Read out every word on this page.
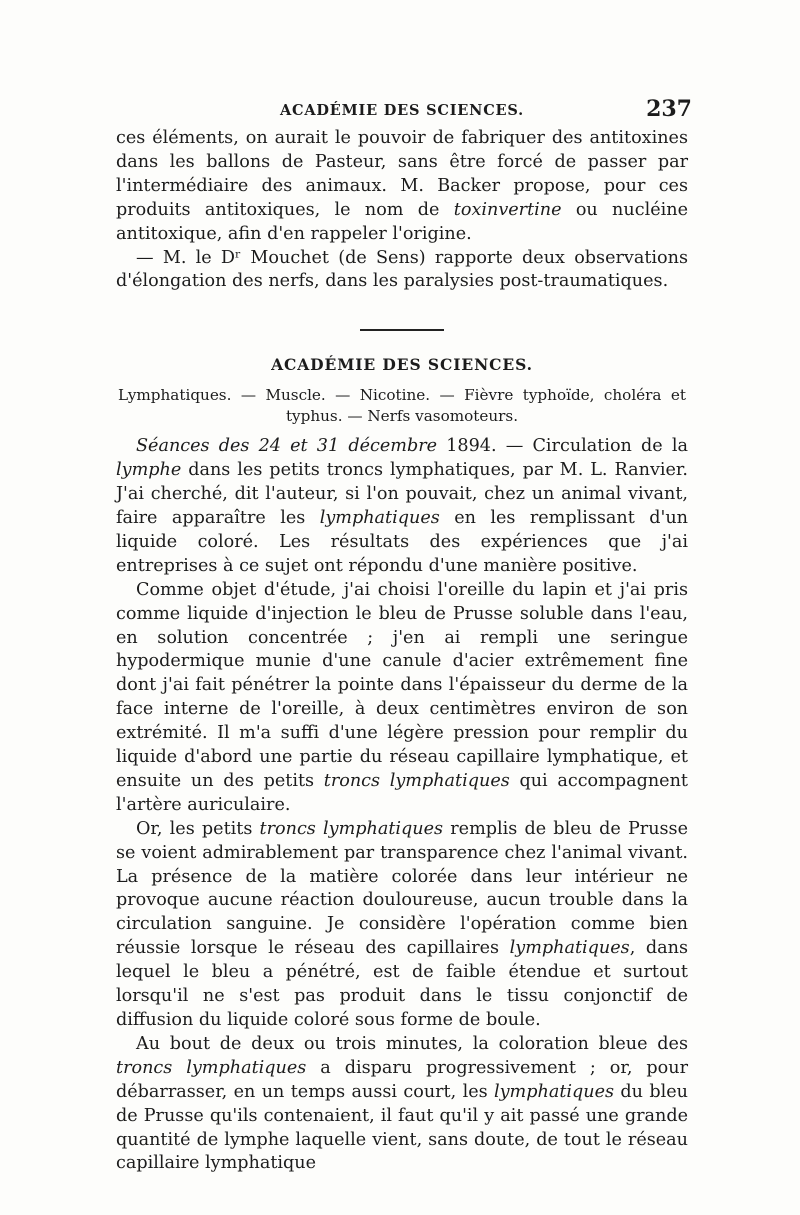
ACADÉMIE DES SCIENCES.	237

ces éléments, on aurait le pouvoir de fabriquer des antitoxines dans les ballons de Pasteur, sans être forcé de passer par l'intermédiaire des animaux. M. Backer propose, pour ces produits antitoxiques, le nom de toxinvertine ou nucléine antitoxique, afin d'en rappeler l'origine.

— M. le Dʳ Mouchet (de Sens) rapporte deux observations d'élongation des nerfs, dans les paralysies post-traumatiques.

ACADÉMIE DES SCIENCES.
Lymphatiques. — Muscle. — Nicotine. — Fièvre typhoïde, choléra et typhus. — Nerfs vasomoteurs.

Séances des 24 et 31 décembre 1894. — Circulation de la lymphe dans les petits troncs lymphatiques, par M. L. Ranvier. J'ai cherché, dit l'auteur, si l'on pouvait, chez un animal vivant, faire apparaître les lymphatiques en les remplissant d'un liquide coloré. Les résultats des expériences que j'ai entreprises à ce sujet ont répondu d'une manière positive.

Comme objet d'étude, j'ai choisi l'oreille du lapin et j'ai pris comme liquide d'injection le bleu de Prusse soluble dans l'eau, en solution concentrée ; j'en ai rempli une seringue hypodermique munie d'une canule d'acier extrêmement fine dont j'ai fait pénétrer la pointe dans l'épaisseur du derme de la face interne de l'oreille, à deux centimètres environ de son extrémité. Il m'a suffi d'une légère pression pour remplir du liquide d'abord une partie du réseau capillaire lymphatique, et ensuite un des petits troncs lymphatiques qui accompagnent l'artère auriculaire.

Or, les petits troncs lymphatiques remplis de bleu de Prusse se voient admirablement par transparence chez l'animal vivant. La présence de la matière colorée dans leur intérieur ne provoque aucune réaction douloureuse, aucun trouble dans la circulation sanguine. Je considère l'opération comme bien réussie lorsque le réseau des capillaires lymphatiques, dans lequel le bleu a pénétré, est de faible étendue et surtout lorsqu'il ne s'est pas produit dans le tissu conjonctif de diffusion du liquide coloré sous forme de boule.

Au bout de deux ou trois minutes, la coloration bleue des troncs lymphatiques a disparu progressivement ; or, pour débarrasser, en un temps aussi court, les lymphatiques du bleu de Prusse qu'ils contenaient, il faut qu'il y ait passé une grande quantité de lymphe laquelle vient, sans doute, de tout le réseau capillaire lymphatique
